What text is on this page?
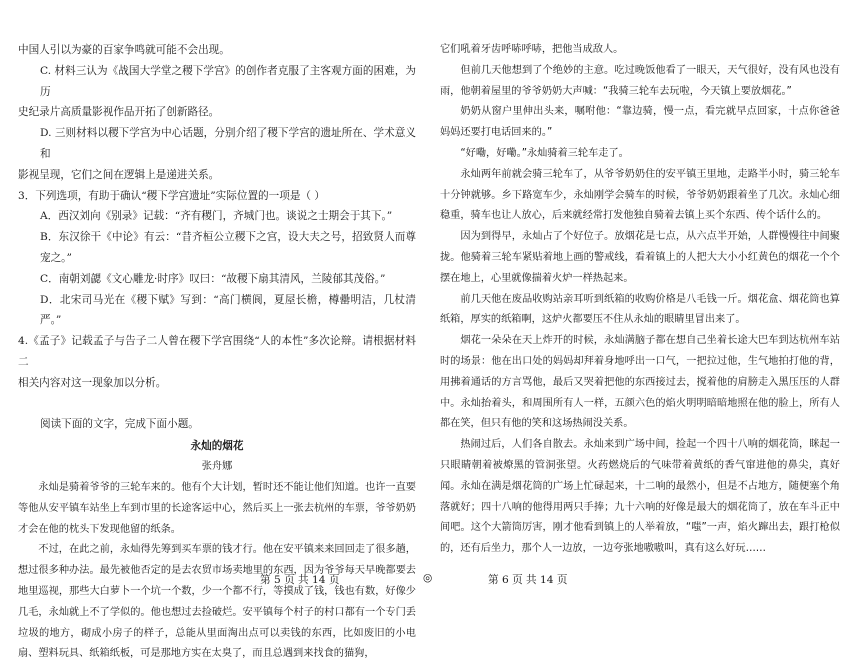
中国人引以为豪的百家争鸣就可能不会出现。

C. 材料三认为《战国大学堂之稷下学宫》的创作者克服了主客观方面的困难，为历

史纪录片高质量影视作品开拓了创新路径。

D. 三则材料以稷下学宫为中心话题，分别介绍了稷下学宫的遗址所在、学术意义和

影视呈现，它们之间在逻辑上是递进关系。

3．下列选项，有助于确认“稷下学宫遗址”实际位置的一项是（ ）

A．西汉刘向《别录》记载：“齐有稷门，齐城门也。谈说之士期会于其下。”

B．东汉徐干《中论》有云：“昔齐桓公立稷下之宫，设大夫之号，招致贤人而尊宠之。”

C．南朝刘勰《文心雕龙·时序》叹曰：“故稷下扇其清风，兰陵郁其茂俗。”

D．北宋司马光在《稷下赋》写到：“高门横阆，夏屋长檐，樽罍明洁，几杖清严。”

4.《孟子》记载孟子与告子二人曾在稷下学宫围绕“人的本性”多次论辩。请根据材料二

相关内容对这一现象加以分析。

阅读下面的文字，完成下面小题。

永灿的烟花

张舟娜

永灿是骑着爷爷的三轮车来的。他有个大计划，暂时还不能让他们知道。也许一直要等他从安平镇车站坐上车到市里的长途客运中心，然后买上一张去杭州的车票，爷爷奶奶才会在他的枕头下发现他留的纸条。

不过，在此之前，永灿得先筹到买车票的钱才行。他在安平镇来来回回走了很多趟，想过很多种办法。最先被他否定的是去农贸市场卖地里的东西，因为爷爷每天早晚都要去地里巡视，那些大白萝卜一个坑一个数，少一个都不行，等摸成了钱，钱也有数，好像少几毛，永灿就上不了学似的。他也想过去捡破烂。安平镇每个村子的村口都有一个专门丢垃圾的地方，砌成小房子的样子，总能从里面淘出点可以卖钱的东西，比如废旧的小电扇、塑料玩具、纸箱纸板，可是那地方实在太臭了，而且总遇到来找食的猫狗，

它们吼着牙齿呼哧呼哧，把他当成敌人。

但前几天他想到了个绝妙的主意。吃过晚饭他看了一眼天，天气很好，没有风也没有雨，他朝着屋里的爷爷奶奶大声喊：“我骑三轮车去玩啦，今天镇上要放烟花。”

奶奶从窗户里伸出头来，嘱咐他：“靠边骑，慢一点，看完就早点回家，十点你爸爸妈妈还要打电话回来的。”

“好嘞，好嘞。”永灿骑着三轮车走了。

永灿两年前就会骑三轮车了，从爷爷奶奶住的安平镇王里地，走路半小时，骑三轮车十分钟就够。乡下路宽车少，永灿刚学会骑车的时候，爷爷奶奶跟着坐了几次。永灿心细稳重，骑车也让人放心，后来就经常打发他独自骑着去镇上买个东西、传个话什么的。

因为到得早，永灿占了个好位子。放烟花是七点，从六点半开始，人群慢慢往中间聚拢。他骑着三轮车紧贴着地上画的警戒线，看着镇上的人把大大小小红黄色的烟花一个个摆在地上，心里就像揣着火炉一样热起来。

前几天他在废品收购站亲耳听到纸箱的收购价格是八毛钱一斤。烟花盒、烟花筒也算纸箱，厚实的纸箱啊，这炉火都要压不住从永灿的眼睛里冒出来了。

烟花一朵朵在天上炸开的时候，永灿满脑子都在想自己坐着长途大巴车到达杭州车站时的场景：他在出口处的妈妈却拜着身地呼出一口气，一把拉过他，生气地拍打他的背，用拂着通话的方言骂他，最后又哭着把他的东西接过去，搅着他的肩膀走入黑压压的人群中。永灿抬着头，和周围所有人一样，五颜六色的焰火明明暗暗地照在他的脸上，所有人都在笑，但只有他的笑和这场热闹没关系。

热闹过后，人们各自散去。永灿来到广场中间，捡起一个四十八响的烟花筒，眯起一只眼睛朝着被燎黑的管洞张望。火药燃烧后的气味带着黄纸的香气窜进他的鼻尖，真好闻。永灿在满是烟花筒的广场上忙碌起来，十二响的最然小，但是不占地方，随便塞个角落就好；四十八响的他得用两只手捧；九十六响的好像是最大的烟花筒了，放在车斗正中间吧。这个大箭筒厉害，刚才他看到镇上的人举着放，“嗤”一声，焰火蹿出去，跟打枪似的，还有后坐力，那个人一边放，一边夸张地嗷嗷叫，真有这么好玩……

第 5 页 共 14 页	◎	第 6 页 共 14 页
